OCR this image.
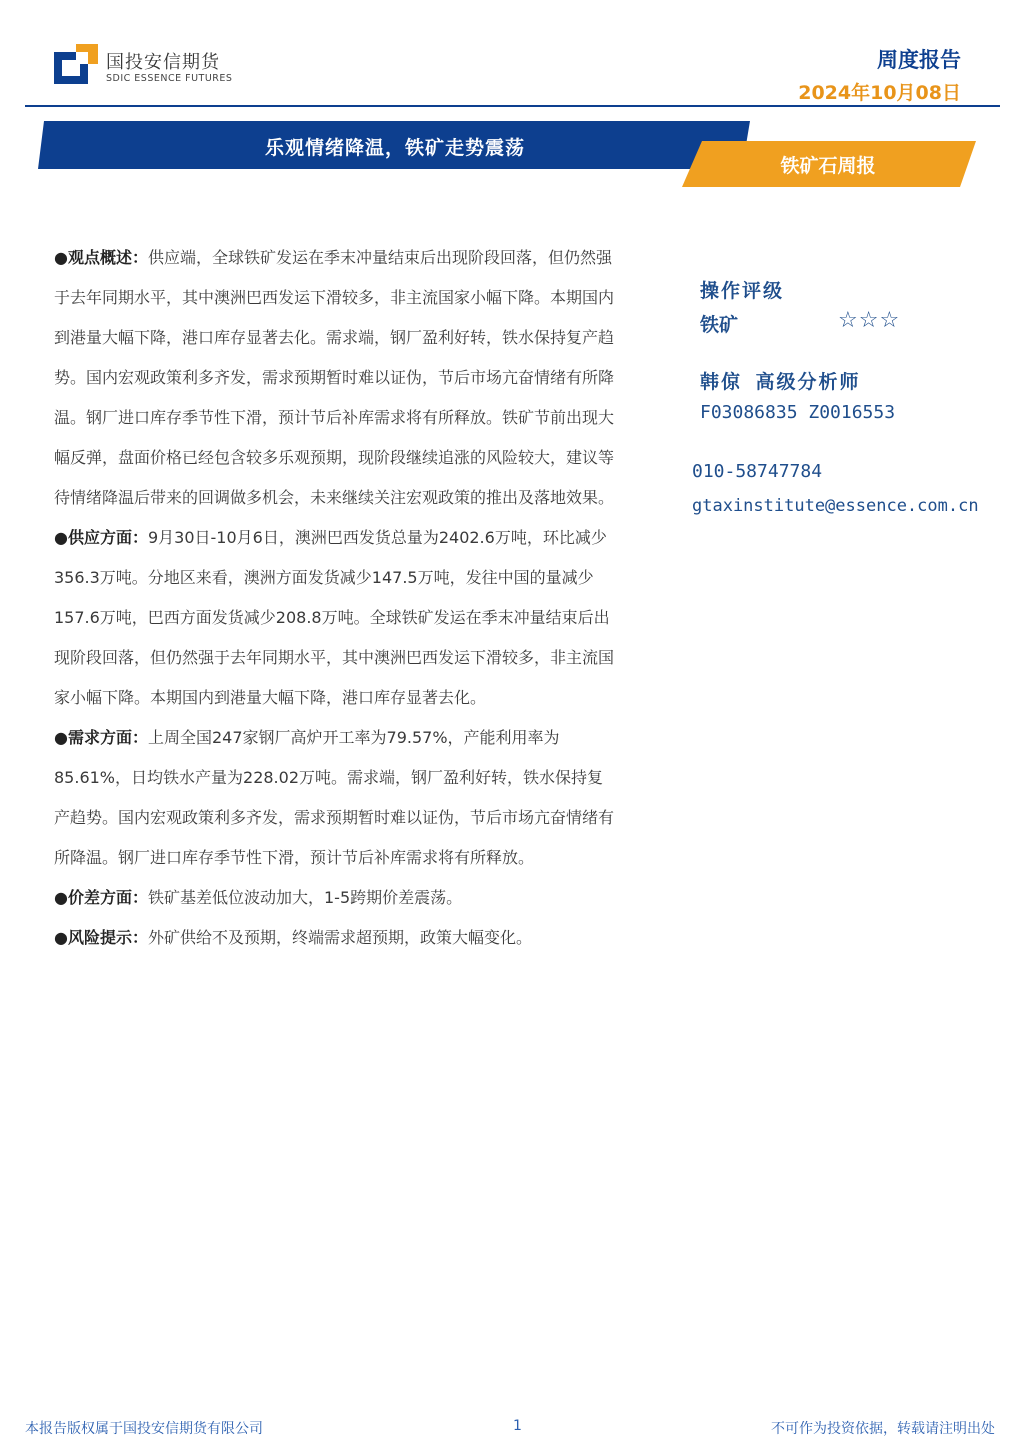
国投安信期货
SDIC ESSENCE FUTURES
周度报告
2024年10月08日
乐观情绪降温，铁矿走势震荡
铁矿石周报

●观点概述：供应端，全球铁矿发运在季末冲量结束后出现阶段回落，但仍然强于去年同期水平，其中澳洲巴西发运下滑较多，非主流国家小幅下降。本期国内到港量大幅下降，港口库存显著去化。需求端，钢厂盈利好转，铁水保持复产趋势。国内宏观政策利多齐发，需求预期暂时难以证伪，节后市场亢奋情绪有所降温。钢厂进口库存季节性下滑，预计节后补库需求将有所释放。铁矿节前出现大幅反弹，盘面价格已经包含较多乐观预期，现阶段继续追涨的风险较大，建议等待情绪降温后带来的回调做多机会，未来继续关注宏观政策的推出及落地效果。

●供应方面：9月30日-10月6日，澳洲巴西发货总量为2402.6万吨，环比减少356.3万吨。分地区来看，澳洲方面发货减少147.5万吨，发往中国的量减少157.6万吨，巴西方面发货减少208.8万吨。全球铁矿发运在季末冲量结束后出现阶段回落，但仍然强于去年同期水平，其中澳洲巴西发运下滑较多，非主流国家小幅下降。本期国内到港量大幅下降，港口库存显著去化。

●需求方面：上周全国247家钢厂高炉开工率为79.57%，产能利用率为85.61%，日均铁水产量为228.02万吨。需求端，钢厂盈利好转，铁水保持复产趋势。国内宏观政策利多齐发，需求预期暂时难以证伪，节后市场亢奋情绪有所降温。钢厂进口库存季节性下滑，预计节后补库需求将有所释放。

●价差方面：铁矿基差低位波动加大，1-5跨期价差震荡。

●风险提示：外矿供给不及预期，终端需求超预期，政策大幅变化。

操作评级
铁矿	☆☆☆
韩倞 高级分析师
F03086835 Z0016553
010-58747784
gtaxinstitute@essence.com.cn
本报告版权属于国投安信期货有限公司	1	不可作为投资依据，转载请注明出处
